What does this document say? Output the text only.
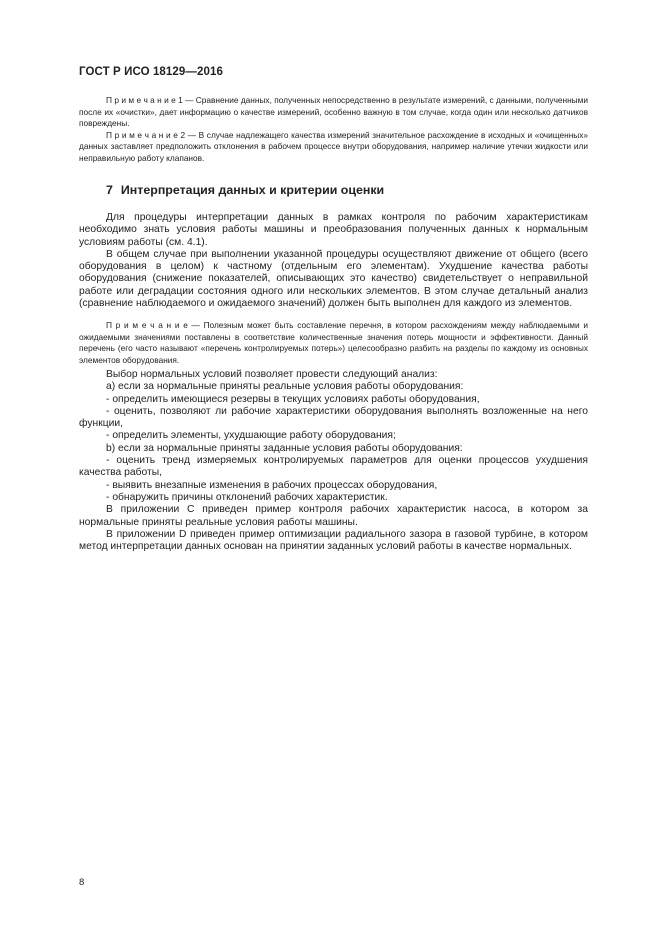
ГОСТ Р ИСО 18129—2016

П р и м е ч а н и е 1 — Сравнение данных, полученных непосредственно в результате измерений, с данными, полученными после их «очистки», дает информацию о качестве измерений, особенно важную в том случае, когда один или несколько датчиков повреждены.

П р и м е ч а н и е 2 — В случае надлежащего качества измерений значительное расхождение в исходных и «очищенных» данных заставляет предположить отклонения в рабочем процессе внутри оборудования, например наличие утечки жидкости или неправильную работу клапанов.

7 Интерпретация данных и критерии оценки

Для процедуры интерпретации данных в рамках контроля по рабочим характеристикам необходимо знать условия работы машины и преобразования полученных данных к нормальным условиям работы (см. 4.1).

В общем случае при выполнении указанной процедуры осуществляют движение от общего (всего оборудования в целом) к частному (отдельным его элементам). Ухудшение качества работы оборудования (снижение показателей, описывающих это качество) свидетельствует о неправильной работе или деградации состояния одного или нескольких элементов. В этом случае детальный анализ (сравнение наблюдаемого и ожидаемого значений) должен быть выполнен для каждого из элементов.

П р и м е ч а н и е — Полезным может быть составление перечня, в котором расхождениям между наблюдаемыми и ожидаемыми значениями поставлены в соответствие количественные значения потерь мощности и эффективности. Данный перечень (его часто называют «перечень контролируемых потерь») целесообразно разбить на разделы по каждому из основных элементов оборудования.

Выбор нормальных условий позволяет провести следующий анализ:

a) если за нормальные приняты реальные условия работы оборудования:

- определить имеющиеся резервы в текущих условиях работы оборудования,

- оценить, позволяют ли рабочие характеристики оборудования выполнять возложенные на него функции,

- определить элементы, ухудшающие работу оборудования;

b) если за нормальные приняты заданные условия работы оборудования:

- оценить тренд измеряемых контролируемых параметров для оценки процессов ухудшения качества работы,

- выявить внезапные изменения в рабочих процессах оборудования,

- обнаружить причины отклонений рабочих характеристик.

В приложении С приведен пример контроля рабочих характеристик насоса, в котором за нормальные приняты реальные условия работы машины.

В приложении D приведен пример оптимизации радиального зазора в газовой турбине, в котором метод интерпретации данных основан на принятии заданных условий работы в качестве нормальных.

8
